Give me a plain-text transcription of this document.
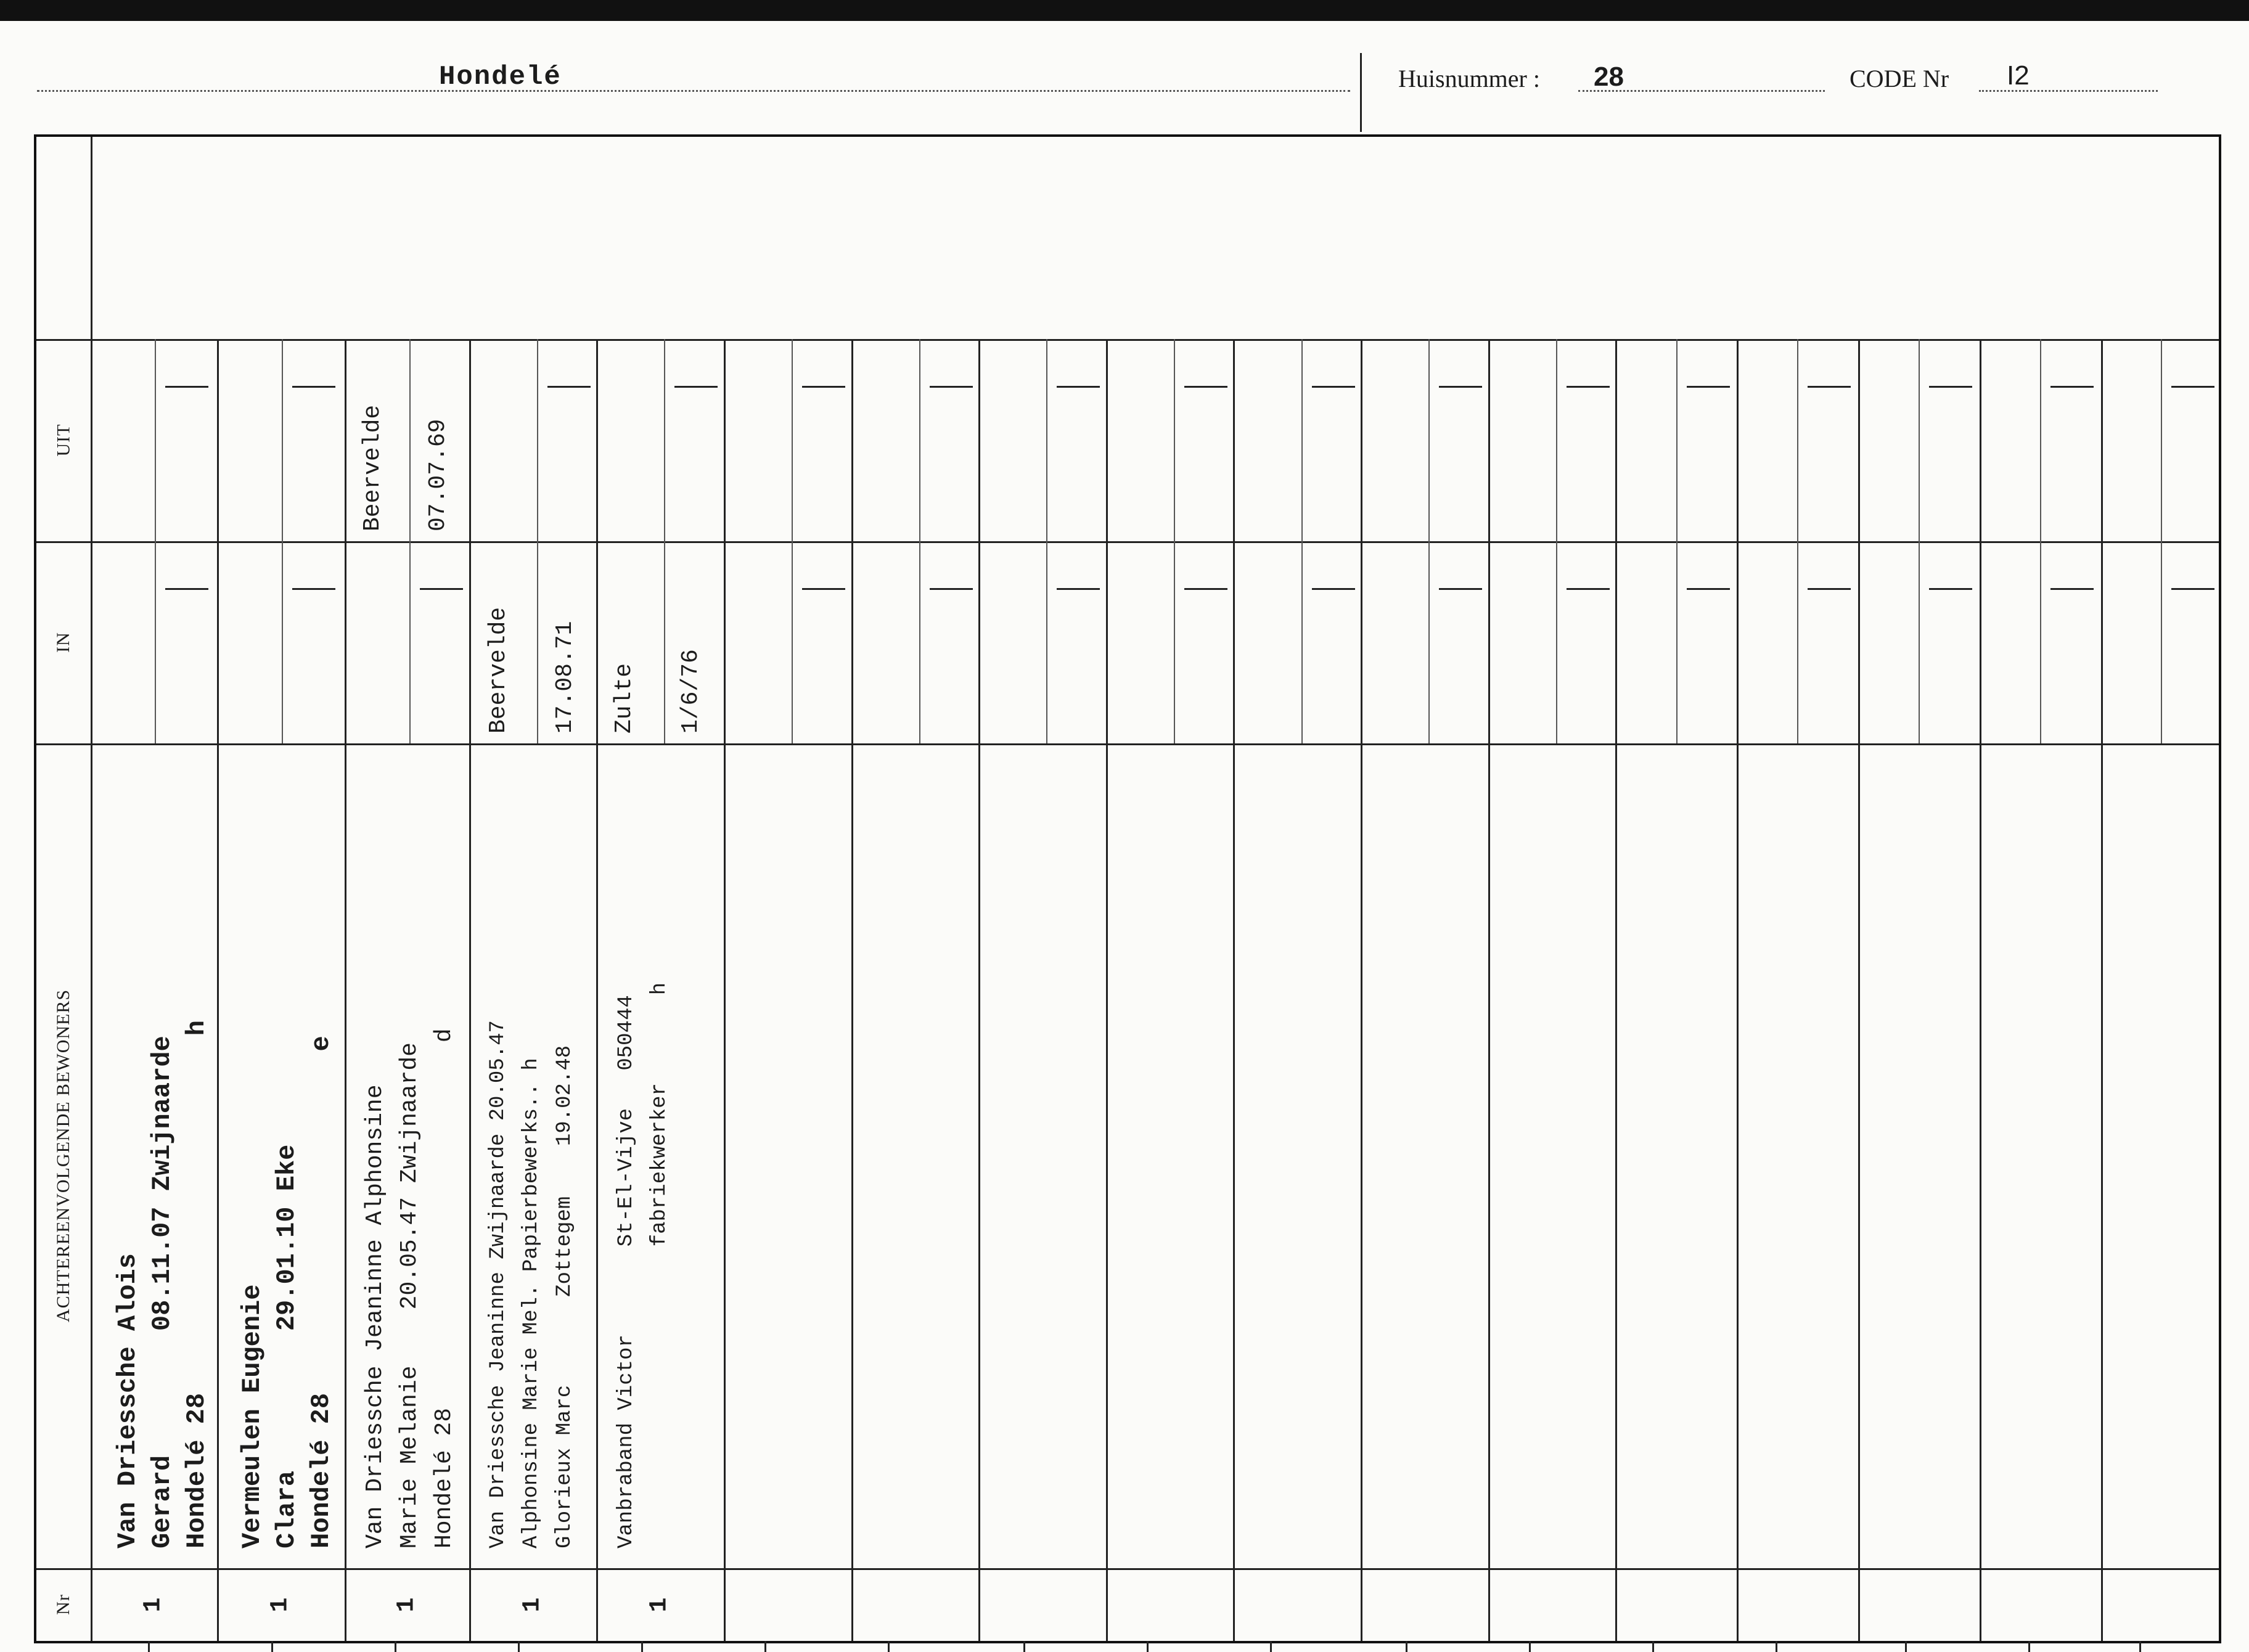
Hondelé	Huisnummer : 28	CODE Nr I2
UIT
IN
ACHTEREENVOLGENDE BEWONERS
Nr
Van Driessche Alois Gerard        08.11.07 Zwijnaarde Hondelé 28                       h
1
Vermeulen Eugenie Clara         29.01.10 Eke Hondelé 28                      e
1
Van Driessche Jeaninne Alphonsine Marie Melanie    20.05.47 Zwijnaarde Hondelé 28                          d
Beervelde 07.07.69
1
Van Driessche Jeaninne Zwijnaarde 20.05.47 Alphonsine Marie Mel. Papierbewerks.. h Glorieux Marc       Zottegem    19.02.48
Beervelde 17.08.71
1
Vanbraband Victor       St-El-Vijve   050444 fabriekwerker       h
Zulte 1/6/76
1
